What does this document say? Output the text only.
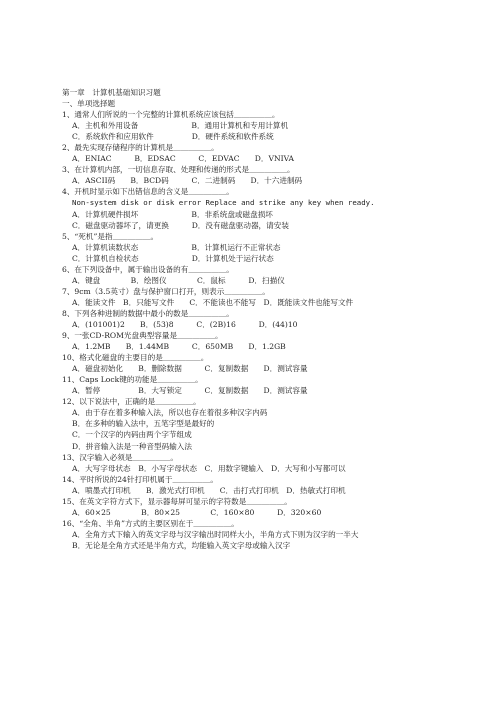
第一章　计算机基础知识习题
一、单项选择题
1、通常人们所说的一个完整的计算机系统应该包括＿＿＿＿＿。
A．主机和外用设备　　　　　　　B．通用计算机和专用计算机
C．系统软件和应用软件　　　　　D．硬件系统和软件系统
2、最先实现存储程序的计算机是＿＿＿＿＿。
A．ENIAC　　　B．EDSAC　　　C．EDVAC　　D．VNIVA
3、在计算机内部，一切信息存取、处理和传递的形式是＿＿＿＿＿。
A．ASCII码　　B．BCD码　　　C．二进制码　　D．十六进制码
4、开机时显示如下出错信息的含义是＿＿＿＿＿。
Non-system disk or disk error Replace and strike any key when ready.
A．计算机硬件损坏　　　　　　　B．非系统盘或磁盘损坏
C．磁盘驱动器坏了，请更换　　　D．没有磁盘驱动器，请安装
5、“死机”是指＿＿＿＿＿。
A．计算机读数状态　　　　　　　B．计算机运行不正常状态
C．计算机自检状态　　　　　　　D．计算机处于运行状态
6、在下列设备中，属于输出设备的有＿＿＿＿＿。
A．键盘　　　　B．绘图仪　　　　C．鼠标　　　D．扫描仪
7、9cm（3.5英寸）盘与保护窗口打开，则表示＿＿＿＿＿。
A．能读文件　B．只能写文件　　C．不能读也不能写　D．既能读文件也能写文件
8、下列各种进制的数据中最小的数是＿＿＿＿＿。
A．(101001)2　　B．(53)8　　　C．(2B)16　　　D．(44)10
9、一张CD-ROM光盘典型容量是＿＿＿＿＿。
A．1.2MB　　B．1.44MB　　　C．650MB　　D．1.2GB
10、格式化磁盘的主要目的是＿＿＿＿＿。
A．磁盘初始化　　B．删除数据　　　C．复制数据　　D．测试容量
11、Caps Lock键的功能是＿＿＿＿＿。
A．暂停　　　　　B．大写锁定　　　C．复制数据　　D．测试容量
12、以下说法中，正确的是＿＿＿＿＿。
A．由于存在着多种输入法，所以也存在着很多种汉字内码
B．在多种的输入法中，五笔字型是最好的
C．一个汉字的内码由两个字节组成
D．拼音输入法是一种音型码输入法
13、汉字输入必须是＿＿＿＿＿。
A．大写字母状态　B．小写字母状态　C．用数字键输入　D．大写和小写都可以
14、平时所说的24针打印机属于＿＿＿＿＿。
A．喷墨式打印机　　B．激光式打印机　　C．击打式打印机　D．热敏式打印机
15、在英文字符方式下，显示器每屏可显示的字符数是＿＿＿＿＿。
A．60×25　　　　B．80×25　　　　C．160×80　　　D．320×60
16、“全角、半角”方式的主要区别在于＿＿＿＿＿。
A．全角方式下输入的英文字母与汉字输出时同样大小，半角方式下则为汉字的一半大
B．无论是全角方式还是半角方式，均能输入英文字母或输入汉字
